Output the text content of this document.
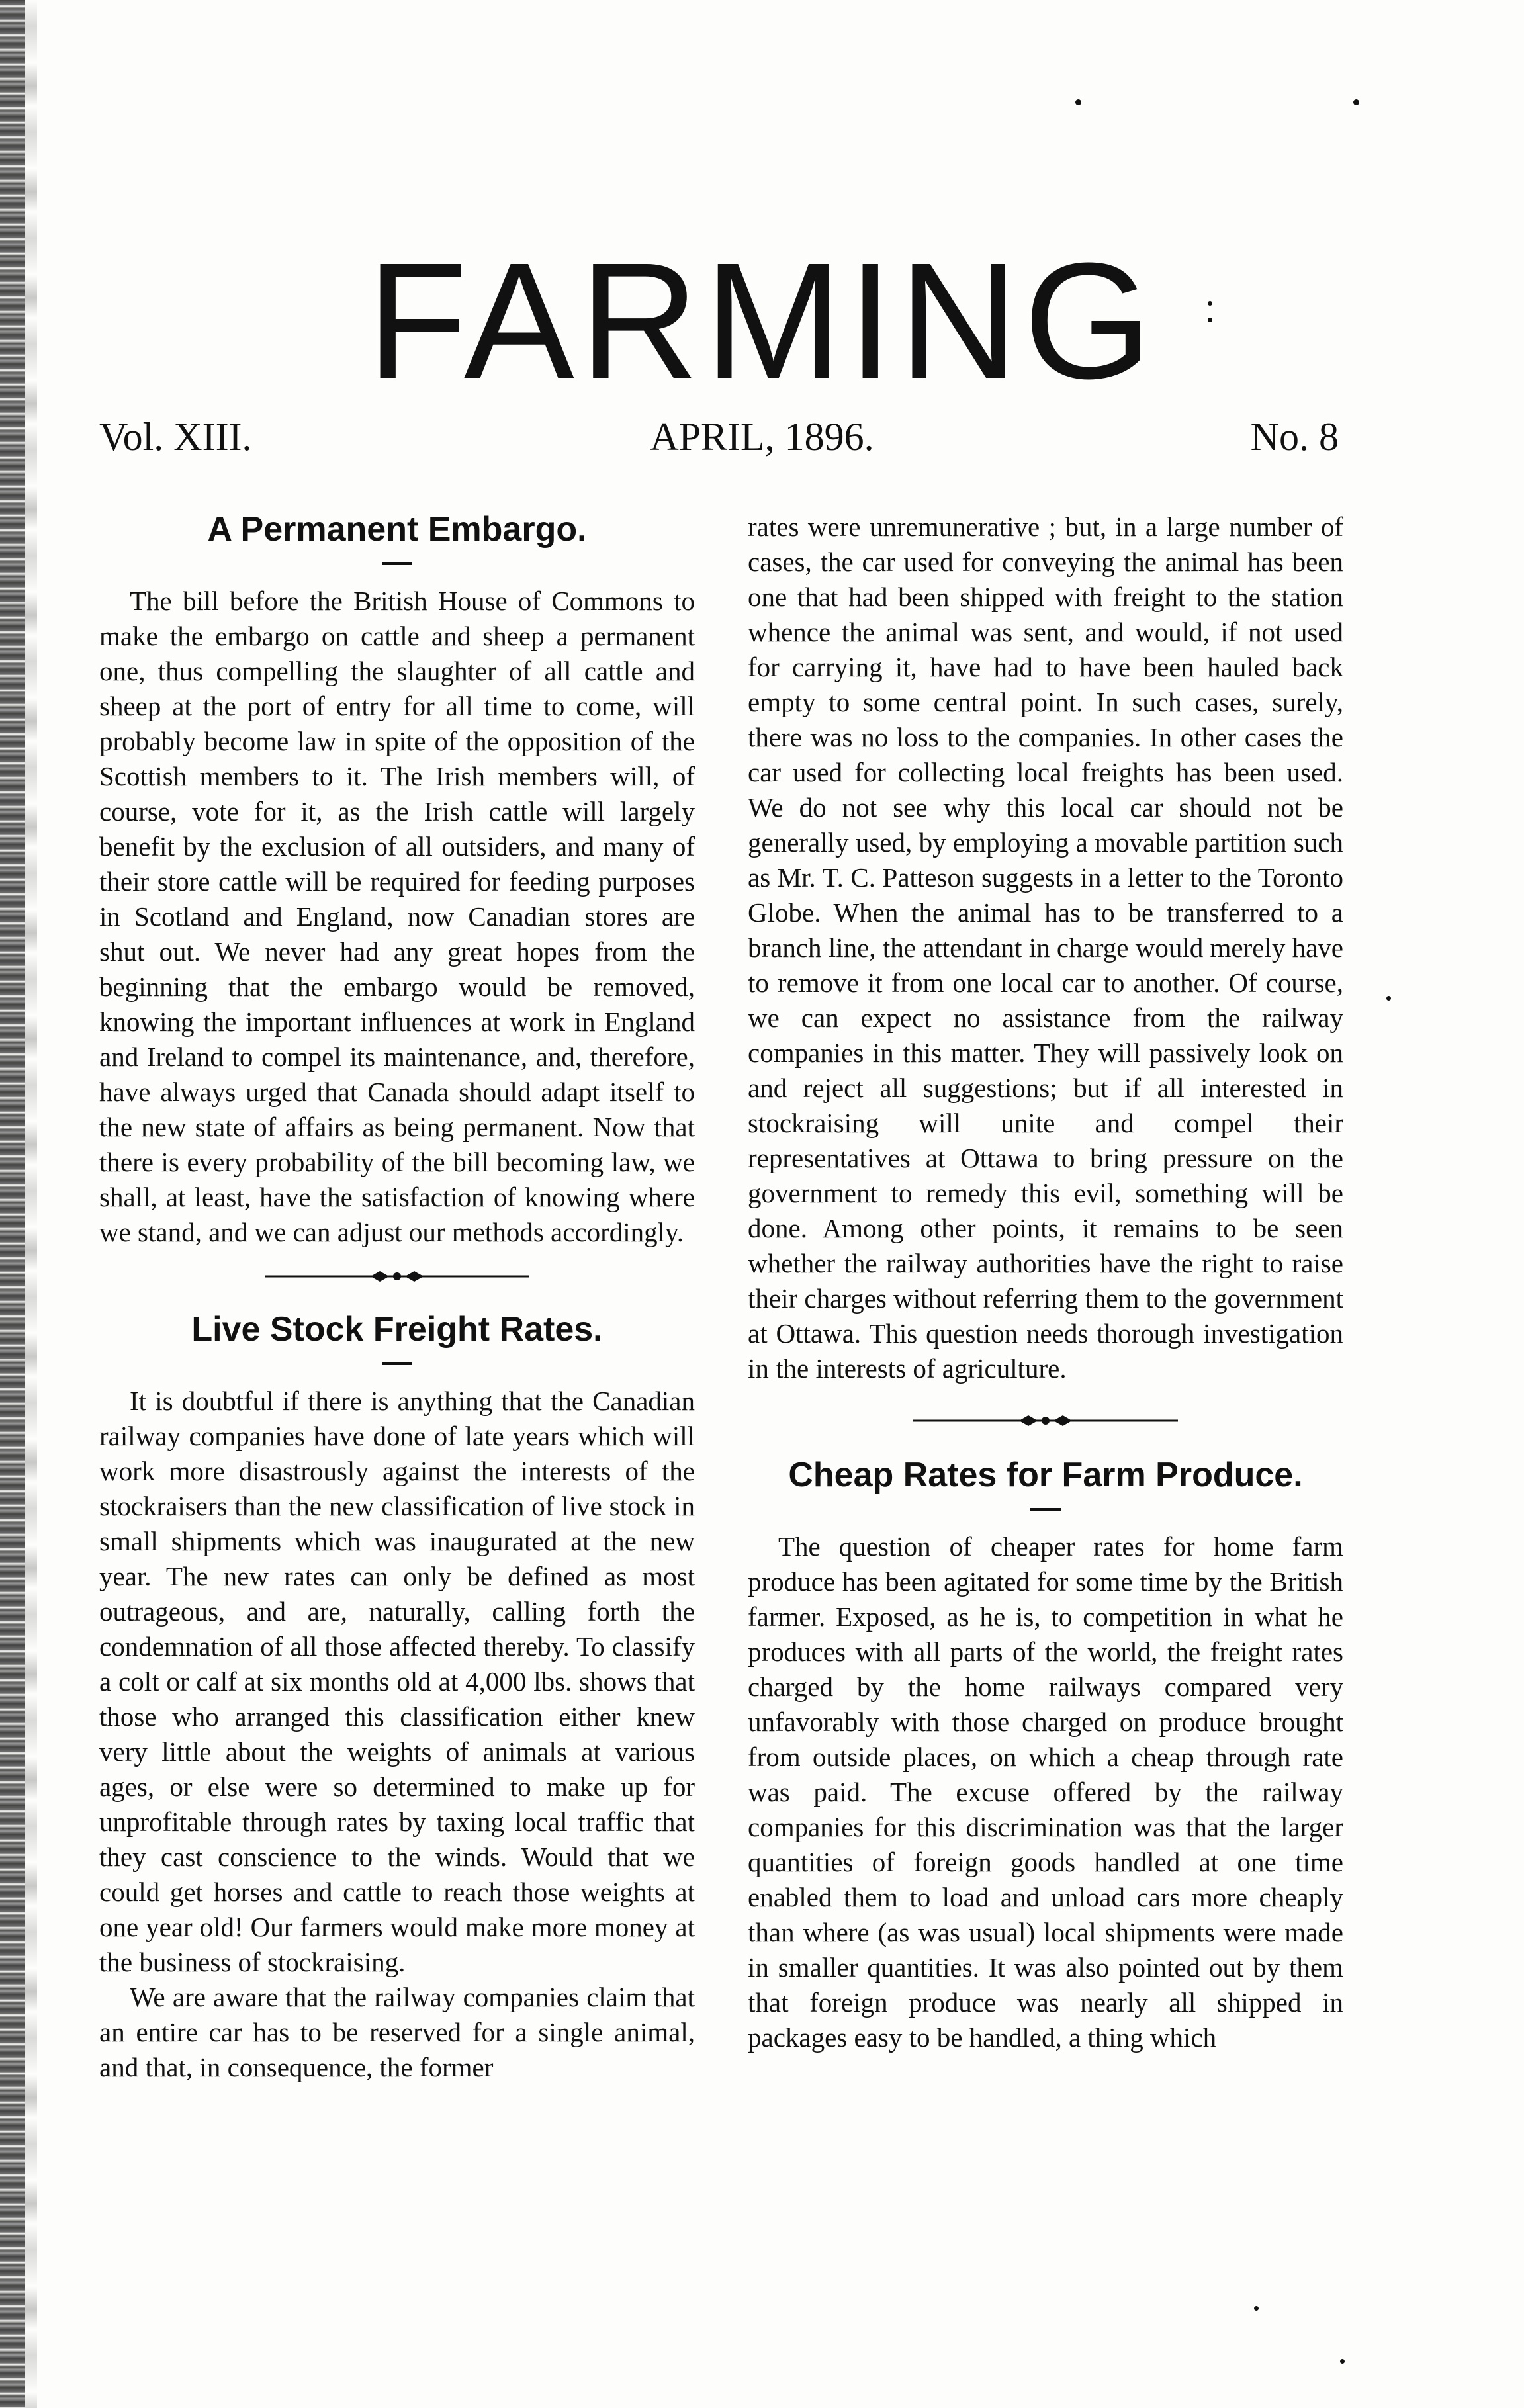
FARMING
Vol. XIII.	APRIL, 1896.	No. 8
A Permanent Embargo.

The bill before the British House of Commons to make the embargo on cattle and sheep a permanent one, thus compelling the slaughter of all cattle and sheep at the port of entry for all time to come, will probably become law in spite of the opposition of the Scottish members to it. The Irish members will, of course, vote for it, as the Irish cattle will largely benefit by the exclusion of all outsiders, and many of their store cattle will be required for feeding purposes in Scotland and England, now Canadian stores are shut out. We never had any great hopes from the beginning that the embargo would be removed, knowing the important influences at work in England and Ireland to compel its maintenance, and, therefore, have always urged that Canada should adapt itself to the new state of affairs as being permanent. Now that there is every probability of the bill becoming law, we shall, at least, have the satisfaction of knowing where we stand, and we can adjust our methods accordingly.

Live Stock Freight Rates.

It is doubtful if there is anything that the Canadian railway companies have done of late years which will work more disastrously against the interests of the stockraisers than the new classification of live stock in small shipments which was inaugurated at the new year. The new rates can only be defined as most outrageous, and are, naturally, calling forth the condemnation of all those affected thereby. To classify a colt or calf at six months old at 4,000 lbs. shows that those who arranged this classification either knew very little about the weights of animals at various ages, or else were so determined to make up for unprofitable through rates by taxing local traffic that they cast conscience to the winds. Would that we could get horses and cattle to reach those weights at one year old! Our farmers would make more money at the business of stockraising.

We are aware that the railway companies claim that an entire car has to be reserved for a single animal, and that, in consequence, the former

rates were unremunerative ; but, in a large number of cases, the car used for conveying the animal has been one that had been shipped with freight to the station whence the animal was sent, and would, if not used for carrying it, have had to have been hauled back empty to some central point. In such cases, surely, there was no loss to the companies. In other cases the car used for collecting local freights has been used. We do not see why this local car should not be generally used, by employing a movable partition such as Mr. T. C. Patteson suggests in a letter to the Toronto Globe. When the animal has to be transferred to a branch line, the attendant in charge would merely have to remove it from one local car to another. Of course, we can expect no assistance from the railway companies in this matter. They will passively look on and reject all suggestions; but if all interested in stockraising will unite and compel their representatives at Ottawa to bring pressure on the government to remedy this evil, something will be done. Among other points, it remains to be seen whether the railway authorities have the right to raise their charges without referring them to the government at Ottawa. This question needs thorough investigation in the interests of agriculture.

Cheap Rates for Farm Produce.

The question of cheaper rates for home farm produce has been agitated for some time by the British farmer. Exposed, as he is, to competition in what he produces with all parts of the world, the freight rates charged by the home railways compared very unfavorably with those charged on produce brought from outside places, on which a cheap through rate was paid. The excuse offered by the railway companies for this discrimination was that the larger quantities of foreign goods handled at one time enabled them to load and unload cars more cheaply than where (as was usual) local shipments were made in smaller quantities. It was also pointed out by them that foreign produce was nearly all shipped in packages easy to be handled, a thing which
